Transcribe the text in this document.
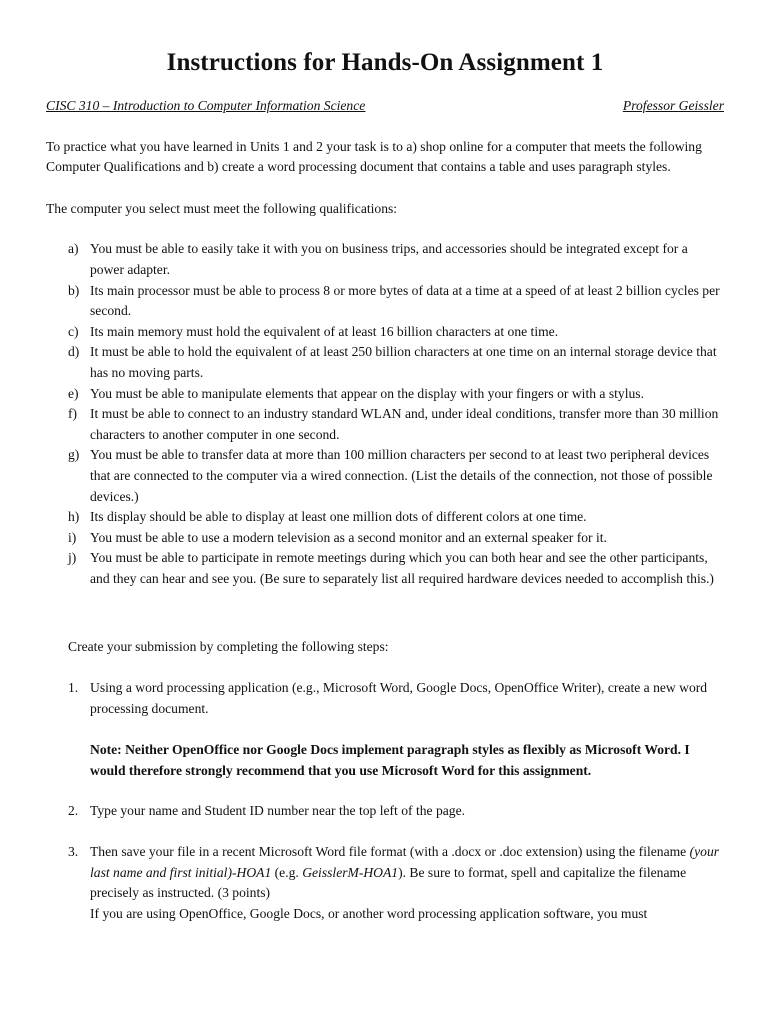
Instructions for Hands-On Assignment 1
CISC 310 – Introduction to Computer Information Science	Professor Geissler

To practice what you have learned in Units 1 and 2 your task is to a) shop online for a computer that meets the following Computer Qualifications and b) create a word processing document that contains a table and uses paragraph styles.

The computer you select must meet the following qualifications:

a) You must be able to easily take it with you on business trips, and accessories should be integrated except for a power adapter.
b) Its main processor must be able to process 8 or more bytes of data at a time at a speed of at least 2 billion cycles per second.
c) Its main memory must hold the equivalent of at least 16 billion characters at one time.
d) It must be able to hold the equivalent of at least 250 billion characters at one time on an internal storage device that has no moving parts.
e) You must be able to manipulate elements that appear on the display with your fingers or with a stylus.
f) It must be able to connect to an industry standard WLAN and, under ideal conditions, transfer more than 30 million characters to another computer in one second.
g) You must be able to transfer data at more than 100 million characters per second to at least two peripheral devices that are connected to the computer via a wired connection. (List the details of the connection, not those of possible devices.)
h) Its display should be able to display at least one million dots of different colors at one time.
i)	You must be able to use a modern television as a second monitor and an external speaker for it.
j)	You must be able to participate in remote meetings during which you can both hear and see the other participants, and they can hear and see you. (Be sure to separately list all required hardware devices needed to accomplish this.)

Create your submission by completing the following steps:

1. Using a word processing application (e.g., Microsoft Word, Google Docs, OpenOffice Writer), create a new word processing document.

Note: Neither OpenOffice nor Google Docs implement paragraph styles as flexibly as Microsoft Word. I would therefore strongly recommend that you use Microsoft Word for this assignment.

2. Type your name and Student ID number near the top left of the page.

3. Then save your file in a recent Microsoft Word file format (with a .docx or .doc extension) using the filename (your last name and first initial)-HOA1 (e.g. GeisslerM-HOA1). Be sure to format, spell and capitalize the filename precisely as instructed. (3 points)

If you are using OpenOffice, Google Docs, or another word processing application software, you must
